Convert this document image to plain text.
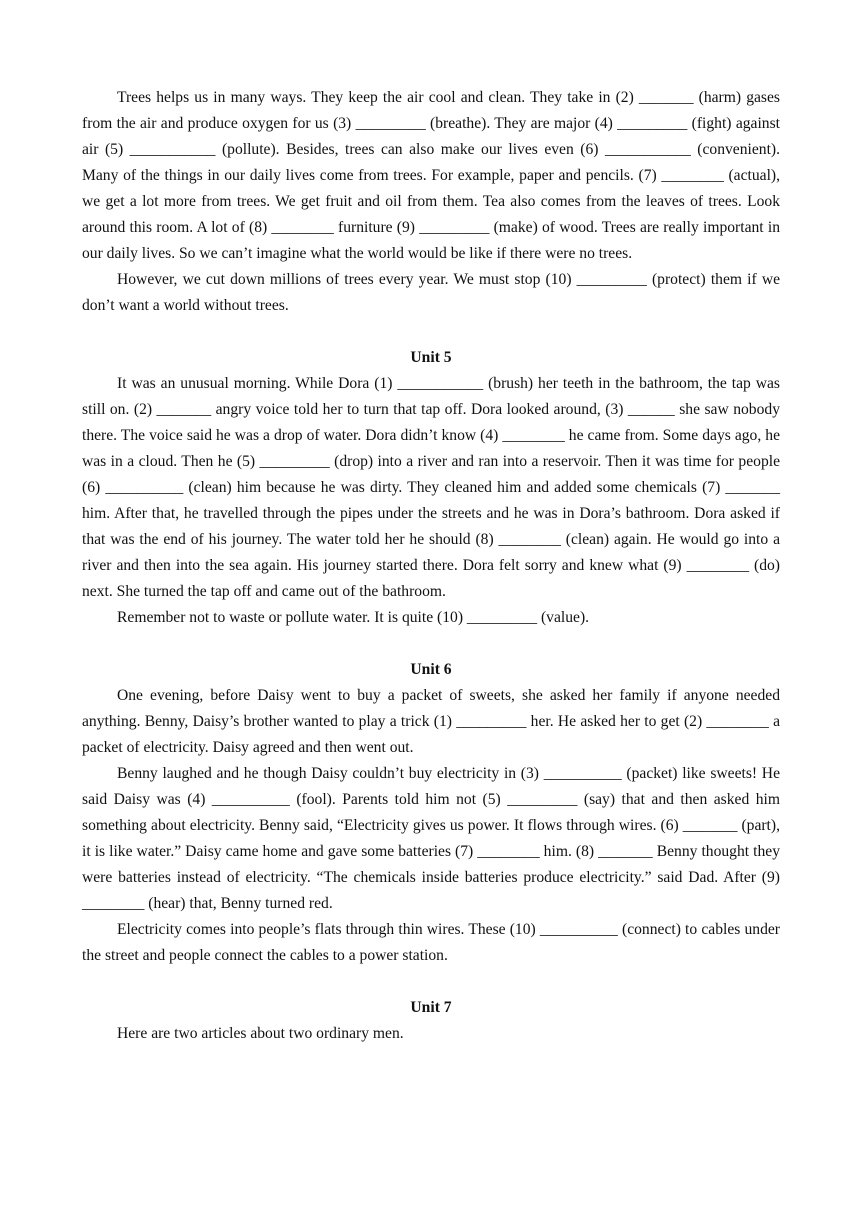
Trees helps us in many ways. They keep the air cool and clean. They take in (2) _______ (harm) gases from the air and produce oxygen for us (3) _________ (breathe). They are major (4) _________ (fight) against air (5) ___________ (pollute). Besides, trees can also make our lives even (6) ___________ (convenient). Many of the things in our daily lives come from trees. For example, paper and pencils. (7) ________ (actual), we get a lot more from trees. We get fruit and oil from them. Tea also comes from the leaves of trees. Look around this room. A lot of (8) ________ furniture (9) _________ (make) of wood. Trees are really important in our daily lives. So we can’t imagine what the world would be like if there were no trees.

However, we cut down millions of trees every year. We must stop (10) _________ (protect) them if we don’t want a world without trees.

Unit 5

It was an unusual morning. While Dora (1) ___________ (brush) her teeth in the bathroom, the tap was still on. (2) _______ angry voice told her to turn that tap off. Dora looked around, (3) ______ she saw nobody there. The voice said he was a drop of water. Dora didn’t know (4) ________ he came from. Some days ago, he was in a cloud. Then he (5) _________ (drop) into a river and ran into a reservoir. Then it was time for people (6) __________ (clean) him because he was dirty. They cleaned him and added some chemicals (7) _______ him. After that, he travelled through the pipes under the streets and he was in Dora’s bathroom. Dora asked if that was the end of his journey. The water told her he should (8) ________ (clean) again. He would go into a river and then into the sea again. His journey started there. Dora felt sorry and knew what (9) ________ (do) next. She turned the tap off and came out of the bathroom.

Remember not to waste or pollute water. It is quite (10) _________ (value).

Unit 6

One evening, before Daisy went to buy a packet of sweets, she asked her family if anyone needed anything. Benny, Daisy’s brother wanted to play a trick (1) _________ her. He asked her to get (2) ________ a packet of electricity. Daisy agreed and then went out.

Benny laughed and he though Daisy couldn’t buy electricity in (3) __________ (packet) like sweets! He said Daisy was (4) __________ (fool). Parents told him not (5) _________ (say) that and then asked him something about electricity. Benny said, “Electricity gives us power. It flows through wires. (6) _______ (part), it is like water.” Daisy came home and gave some batteries (7) ________ him. (8) _______ Benny thought they were batteries instead of electricity. “The chemicals inside batteries produce electricity.” said Dad. After (9) ________ (hear) that, Benny turned red.

Electricity comes into people’s flats through thin wires. These (10) __________ (connect) to cables under the street and people connect the cables to a power station.

Unit 7

Here are two articles about two ordinary men.
